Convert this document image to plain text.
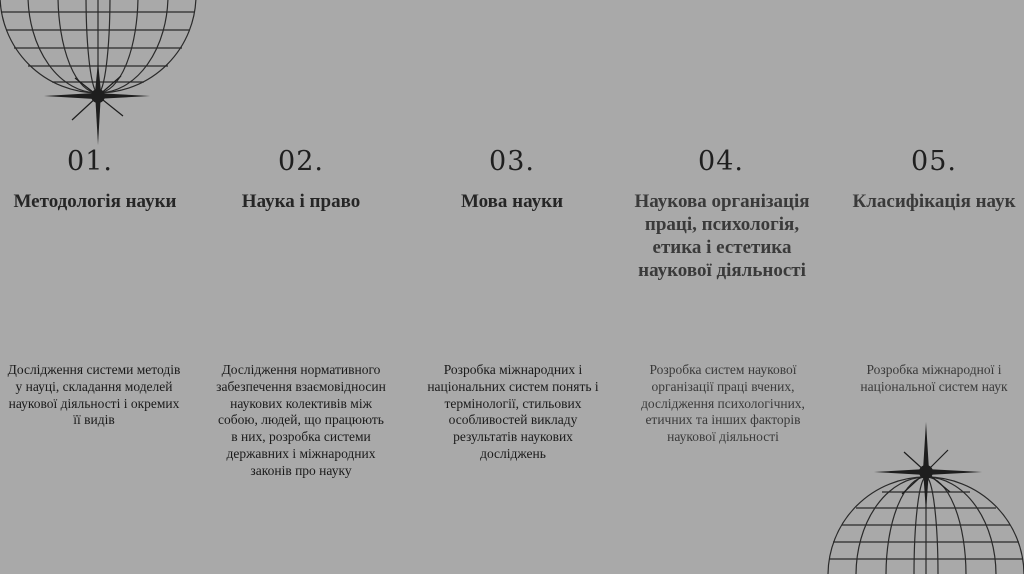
01.
Методологія науки
Дослідження системи методів у науці, складання моделей наукової діяльності і окремих її видів
02.
Наука і право
Дослідження нормативного забезпечення взаємовідносин наукових колективів між собою, людей, що працюють в них, розробка системи державних і міжнародних законів про науку
03.
Мова науки
Розробка міжнародних і національних систем понять і термінології, стильових особливостей викладу результатів наукових досліджень
04.
Наукова організація праці, психологія, етика і естетика наукової діяльності
Розробка систем наукової організації праці вчених, дослідження психологічних, етичних та інших факторів наукової діяльності
05.
Класифікація наук
Розробка міжнародної і національної систем наук
